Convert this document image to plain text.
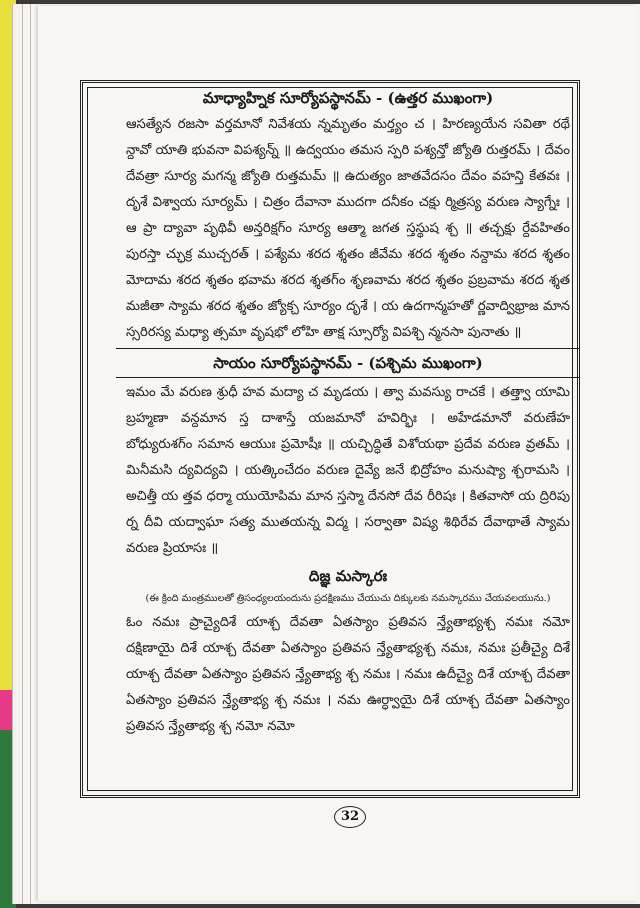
మాధ్యాహ్నిక సూర్యోపస్థానమ్ - (ఉత్తర ముఖంగా)

ఆసత్యేన రజసా వర్తమానో నివేశయ న్నమృతం మర్త్యం చ । హిరణ్యయేన సవితా రథే న్దావో యాతి భువనా విపశ్యన్న్ ॥ ఉద్వయం తమస స్పరి పశ్యన్తో జ్యోతి రుత్తరమ్ । దేవం దేవత్రా సూర్య మగన్మ జ్యోతి రుత్తమమ్ ॥ ఉదుత్యం జాతవేదసం దేవం వహన్తి కేతవః । దృశే విశ్వాయ సూర్యమ్ । చిత్రం దేవానా ముదగా దనీకం చక్షు ర్మిత్రస్య వరుణ స్యాగ్నేః । ఆ ప్రా ద్యావా పృథివీ అన్తరిక్షగ్ం సూర్య ఆత్మా జగత స్తస్థుష శ్చ ॥ తచ్చక్షు ర్దేవహితం పురస్తా చ్ఛుక్ర ముచ్చరత్ । పశ్యేమ శరద శ్శతం జీవేమ శరద శ్శతం నన్దామ శరద శ్శతం మోదామ శరద శ్శతం భవామ శరద శ్శతగ్ం శృణవామ శరద శ్శతం ప్రబ్రవామ శరద శ్శత మజీతా స్యామ శరద శ్శతం జ్యోక్చ సూర్యం దృశే । య ఉదగాన్మహతో ర్ణవాద్విభ్రాజ మాన స్సరిరస్య మధ్యా త్సమా వృషభో లోహి తాక్ష స్సూర్యో విపశ్చి న్మనసా పునాతు ॥

సాయం సూర్యోపస్థానమ్ - (పశ్చిమ ముఖంగా)

ఇమం మే వరుణ శ్రుధీ హవ మద్యా చ మృడయ । త్వా మవస్యు రాచకే । తత్త్వా యామి బ్రహ్మణా వన్దమాన స్త దాశాస్తే యజమానో హవిర్భిః । అహేడమానో వరుణేహ బోధ్యురుశగ్ం సమాన ఆయుః ప్రమోషీః ॥ యచ్చిద్ధితే విశోయథా ప్రదేవ వరుణ వ్రతమ్ । మినీమసి ద్యవిద్యవి । యత్కించేదం వరుణ దైవ్యే జనే భిద్రోహం మనుష్యా శ్చరామసి । అచిత్తీ య త్తవ ధర్మా యుయోపిమ మాన స్తస్మా దేనసో దేవ రీరిషః । కితవాసో య ద్రిరిపు ర్న దీవి యద్వాఘా సత్య ముతయన్న విద్మ । సర్వాతా విష్య శిథిరేవ దేవాథాతే స్యామ వరుణ ప్రియాసః ॥

దిజ్ఞ మస్కారః

(ఈ క్రింది మంత్రములతో త్రిసంధ్యలయందును ప్రదక్షిణము చేయుచు దిక్కులకు నమస్కారము చేయవలయును.)

ఓం నమః ప్రాచ్యైదిశే యాశ్చ దేవతా ఏతస్యాం ప్రతివస న్త్యేతాభ్యశ్చ నమః నమో దక్షిణాయై దిశే యాశ్చ దేవతా ఏతస్యాం ప్రతివస న్త్యేతాభ్యశ్చ నమః, నమః ప్రతీచ్యై దిశే యాశ్చ దేవతా ఏతస్యాం ప్రతివస న్త్యేతాభ్య శ్చ నమః । నమః ఉదీచ్యై దిశే యాశ్చ దేవతా ఏతస్యాం ప్రతివస న్త్యేతాభ్య శ్చ నమః । నమ ఊర్ధ్వాయై దిశే యాశ్చ దేవతా ఏతస్యాం ప్రతివస న్త్యేతాభ్య శ్చ నమో నమో

32
